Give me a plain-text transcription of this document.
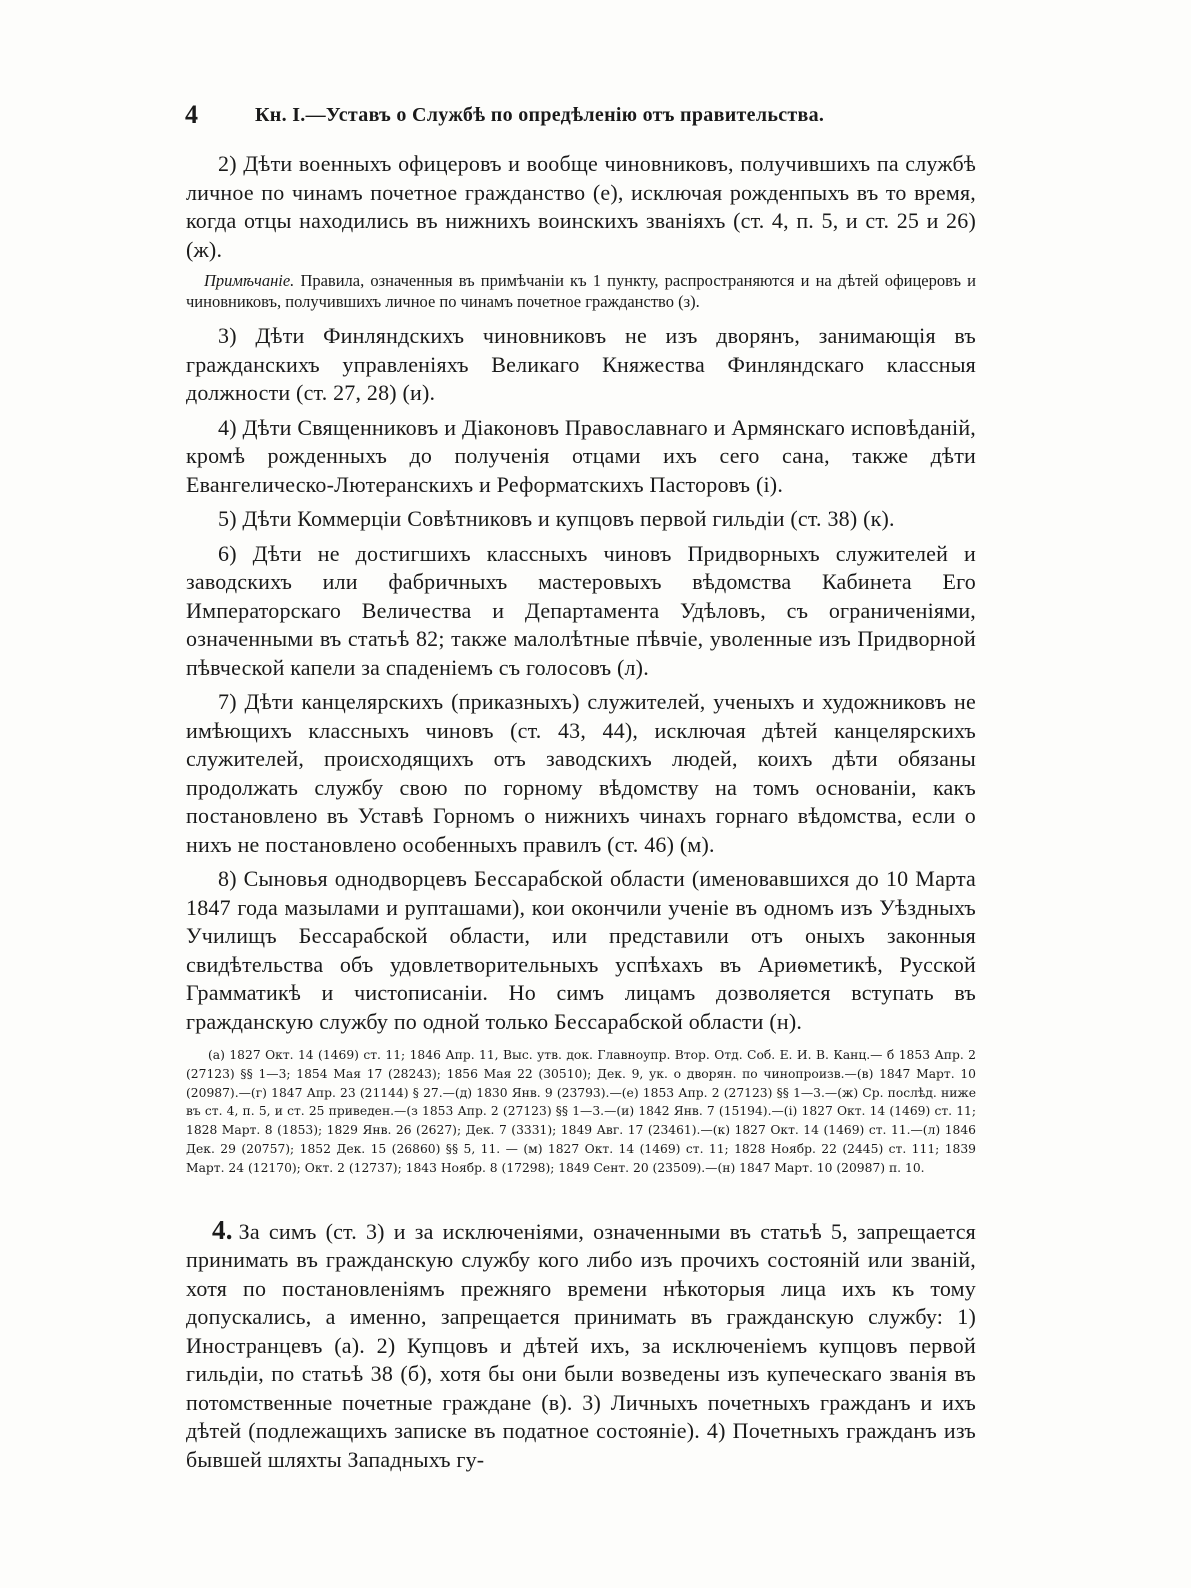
4	Кн. I.—Уставъ о Службѣ по опредѣленію отъ правительства.

2) Дѣти военныхъ офицеровъ и вообще чиновниковъ, получившихъ па службѣ личное по чинамъ почетное гражданство (е), исключая рожденпыхъ въ то время, когда отцы находились въ нижнихъ воинскихъ званіяхъ (ст. 4, п. 5, и ст. 25 и 26) (ж).

Примѣчаніе. Правила, означенныя въ примѣчаніи къ 1 пункту, распространяются и на дѣтей офицеровъ и чиновниковъ, получившихъ личное по чинамъ почетное гражданство (з).

3) Дѣти Финляндскихъ чиновниковъ не изъ дворянъ, занимающія въ гражданскихъ управленіяхъ Великаго Княжества Финляндскаго классныя должности (ст. 27, 28) (и).

4) Дѣти Священниковъ и Діаконовъ Православнаго и Армянскаго исповѣданій, кромѣ рожденныхъ до полученія отцами ихъ сего сана, также дѣти Евангелическо-Лютеранскихъ и Реформатскихъ Пасторовъ (і).

5) Дѣти Коммерціи Совѣтниковъ и купцовъ первой гильдіи (ст. 38) (к).

6) Дѣти не достигшихъ классныхъ чиновъ Придворныхъ служителей и заводскихъ или фабричныхъ мастеровыхъ вѣдомства Кабинета Его Императорскаго Величества и Департамента Удѣловъ, съ ограниченіями, означенными въ статьѣ 82; также малолѣтные пѣвчіе, уволенные изъ Придворной пѣвческой капели за спаденіемъ съ голосовъ (л).

7) Дѣти канцелярскихъ (приказныхъ) служителей, ученыхъ и художниковъ не имѣющихъ классныхъ чиновъ (ст. 43, 44), исключая дѣтей канцелярскихъ служителей, происходящихъ отъ заводскихъ людей, коихъ дѣти обязаны продолжать службу свою по горному вѣдомству на томъ основаніи, какъ постановлено въ Уставѣ Горномъ о нижнихъ чинахъ горнаго вѣдомства, если о нихъ не постановлено особенныхъ правилъ (ст. 46) (м).

8) Сыновья однодворцевъ Бессарабской области (именовавшихся до 10 Марта 1847 года мазылами и рупташами), кои окончили ученіе въ одномъ изъ Уѣздныхъ Училищъ Бессарабской области, или представили отъ оныхъ законныя свидѣтельства объ удовлетворительныхъ успѣхахъ въ Ариѳметикѣ, Русской Грамматикѣ и чистописаніи. Но симъ лицамъ дозволяется вступать въ гражданскую службу по одной только Бессарабской области (н).

(а) 1827 Окт. 14 (1469) ст. 11; 1846 Апр. 11, Выс. утв. док. Главноупр. Втор. Отд. Соб. Е. И. В. Канц.— б 1853 Апр. 2 (27123) §§ 1—3; 1854 Мая 17 (28243); 1856 Мая 22 (30510); Дек. 9, ук. о дворян. по чинопроизв.—(в) 1847 Март. 10 (20987).—(г) 1847 Апр. 23 (21144) § 27.—(д) 1830 Янв. 9 (23793).—(е) 1853 Апр. 2 (27123) §§ 1—3.—(ж) Ср. послѣд. ниже въ ст. 4, п. 5, и ст. 25 приведен.—(з 1853 Апр. 2 (27123) §§ 1—3.—(и) 1842 Янв. 7 (15194).—(і) 1827 Окт. 14 (1469) ст. 11; 1828 Март. 8 (1853); 1829 Янв. 26 (2627); Дек. 7 (3331); 1849 Авг. 17 (23461).—(к) 1827 Окт. 14 (1469) ст. 11.—(л) 1846 Дек. 29 (20757); 1852 Дек. 15 (26860) §§ 5, 11. — (м) 1827 Окт. 14 (1469) ст. 11; 1828 Ноябр. 22 (2445) ст. 111; 1839 Март. 24 (12170); Окт. 2 (12737); 1843 Ноябр. 8 (17298); 1849 Сент. 20 (23509).—(н) 1847 Март. 10 (20987) п. 10.

4. За симъ (ст. 3) и за исключеніями, означенными въ статьѣ 5, запрещается принимать въ гражданскую службу кого либо изъ прочихъ состояній или званій, хотя по постановленіямъ прежняго времени нѣкоторыя лица ихъ къ тому допускались, а именно, запрещается принимать въ гражданскую службу: 1) Иностранцевъ (а). 2) Купцовъ и дѣтей ихъ, за исключеніемъ купцовъ первой гильдіи, по статьѣ 38 (б), хотя бы они были возведены изъ купеческаго званія въ потомственные почетные граждане (в). 3) Личныхъ почетныхъ гражданъ и ихъ дѣтей (подлежащихъ записке въ податное состояніе). 4) Почетныхъ гражданъ изъ бывшей шляхты Западныхъ гу-
